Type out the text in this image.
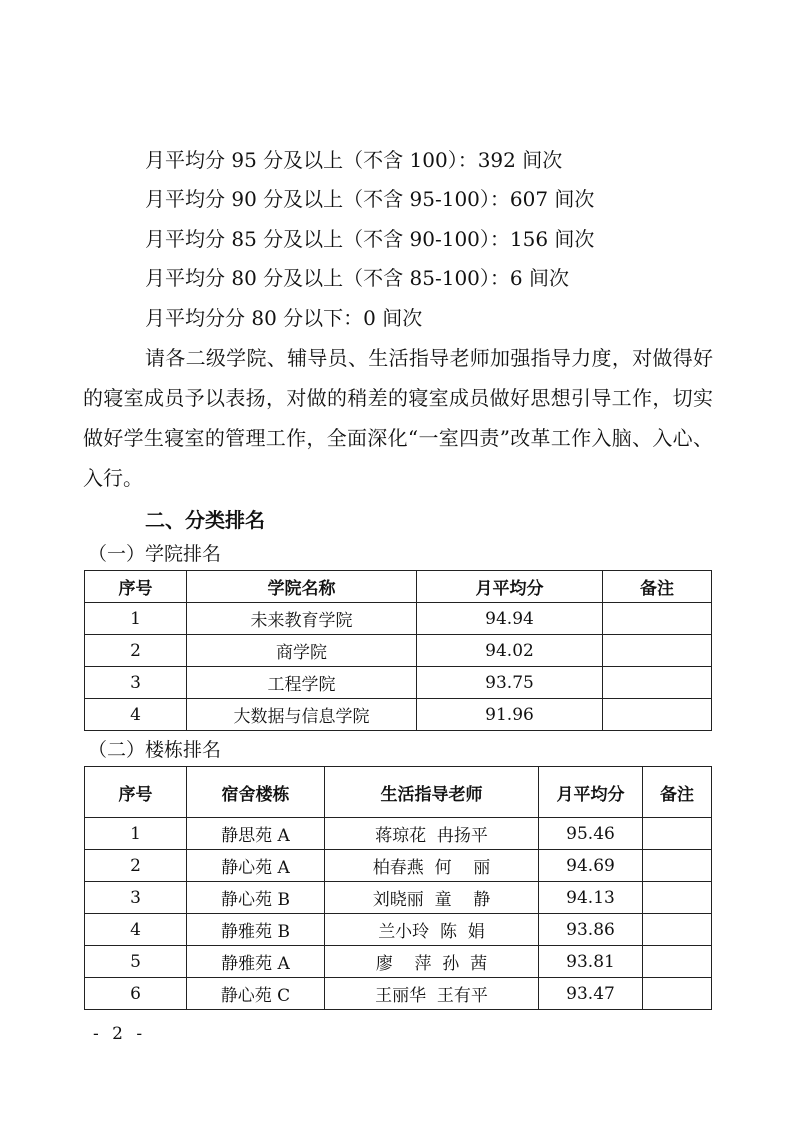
月平均分 95 分及以上（不含 100）：392 间次
月平均分 90 分及以上（不含 95-100）：607 间次
月平均分 85 分及以上（不含 90-100）：156 间次
月平均分 80 分及以上（不含 85-100）：6 间次
月平均分分 80 分以下：0 间次
请各二级学院、辅导员、生活指导老师加强指导力度，对做得好的寝室成员予以表扬，对做的稍差的寝室成员做好思想引导工作，切实做好学生寝室的管理工作，全面深化“一室四责”改革工作入脑、入心、入行。
二、分类排名
（一）学院排名
序号	学院名称	月平均分	备注
1	未来教育学院	94.94	
2	商学院	94.02	
3	工程学院	93.75	
4	大数据与信息学院	91.96	
（二）楼栋排名
序号	宿舍楼栋	生活指导老师	月平均分	备注
1	静思苑 A	蒋琼花  冉扬平	95.46	
2	静心苑 A	柏春燕  何    丽	94.69	
3	静心苑 B	刘晓丽  童    静	94.13	
4	静雅苑 B	兰小玲  陈  娟	93.86	
5	静雅苑 A	廖    萍  孙  茜	93.81	
6	静心苑 C	王丽华  王有平	93.47	
- 2 -
